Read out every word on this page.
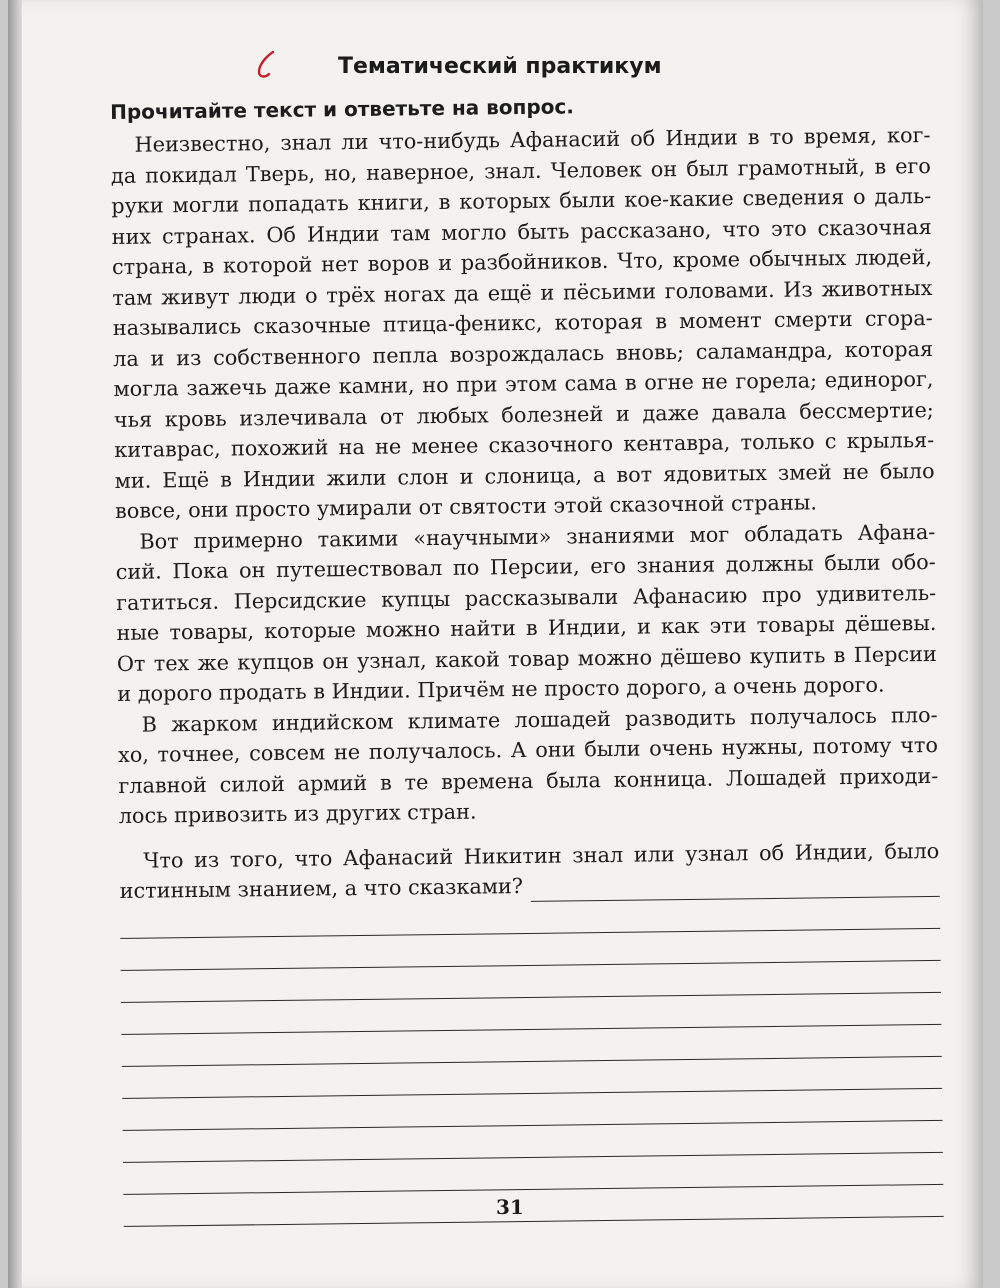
Тематический практикум
Прочитайте текст и ответьте на вопрос.
Неизвестно, знал ли что-нибудь Афанасий об Индии в то время, ког-
да покидал Тверь, но, наверное, знал. Человек он был грамотный, в его
руки могли попадать книги, в которых были кое-какие сведения о даль-
них странах. Об Индии там могло быть рассказано, что это сказочная
страна, в которой нет воров и разбойников. Что, кроме обычных людей,
там живут люди о трёх ногах да ещё и пёсьими головами. Из животных
назывались сказочные птица-феникс, которая в момент смерти сгора-
ла и из собственного пепла возрождалась вновь; саламандра, которая
могла зажечь даже камни, но при этом сама в огне не горела; единорог,
чья кровь излечивала от любых болезней и даже давала бессмертие;
китаврас, похожий на не менее сказочного кентавра, только с крылья-
ми. Ещё в Индии жили слон и слоница, а вот ядовитых змей не было
вовсе, они просто умирали от святости этой сказочной страны.
Вот примерно такими «научными» знаниями мог обладать Афана-
сий. Пока он путешествовал по Персии, его знания должны были обо-
гатиться. Персидские купцы рассказывали Афанасию про удивитель-
ные товары, которые можно найти в Индии, и как эти товары дёшевы.
От тех же купцов он узнал, какой товар можно дёшево купить в Персии
и дорого продать в Индии. Причём не просто дорого, а очень дорого.
В жарком индийском климате лошадей разводить получалось пло-
хо, точнее, совсем не получалось. А они были очень нужны, потому что
главной силой армий в те времена была конница. Лошадей приходи-
лось привозить из других стран.
Что из того, что Афанасий Никитин знал или узнал об Индии, было
истинным знанием, а что сказками?
31
